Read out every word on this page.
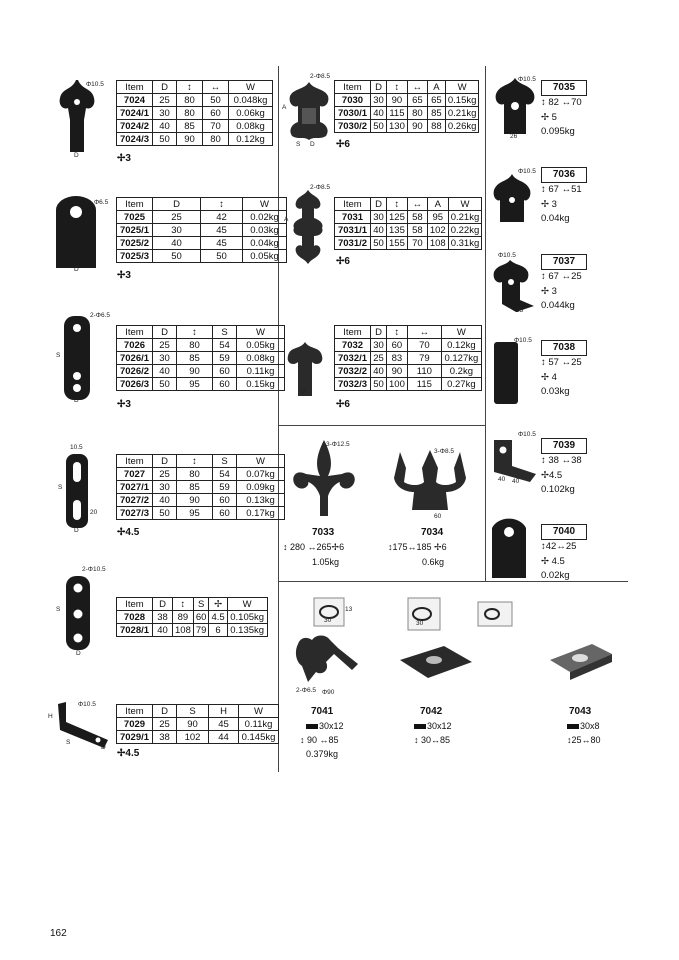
Φ10.5
D
Item	D	↕	↔	W
7024	25	80	50	0.048kg
7024/1	30	80	60	0.06kg
7024/2	40	85	70	0.08kg
7024/3	50	90	80	0.12kg
✢3
Φ6.5
D
Item	D	↕	W
7025	25	42	0.02kg
7025/1	30	45	0.03kg
7025/2	40	45	0.04kg
7025/3	50	50	0.05kg
✢3
2-Φ6.5
S
D
Item	D	↕	S	W
7026	25	80	54	0.05kg
7026/1	30	85	59	0.08kg
7026/2	40	90	60	0.11kg
7026/3	50	95	60	0.15kg
✢3
10.5
S
20
D
Item	D	↕	S	W
7027	25	80	54	0.07kg
7027/1	30	85	59	0.09kg
7027/2	40	90	60	0.13kg
7027/3	50	95	60	0.17kg
✢4.5
2-Φ10.5
S
D
Item	D	↕	S	✢	W
7028	38	89	60	4.5	0.105kg
7028/1	40	108	79	6	0.135kg
Φ10.5
H
S
D
Item	D	S	H	W
7029	25	90	45	0.11kg
7029/1	38	102	44	0.145kg
✢4.5
2-Φ8.5
A
S D
Item	D	↕	↔	A	W
7030	30	90	65	65	0.15kg
7030/1	40	115	80	85	0.21kg
7030/2	50	130	90	88	0.26kg
✢6
2-Φ8.5
A
Item	D	↕	↔	A	W
7031	30	125	58	95	0.21kg
7031/1	40	135	58	102	0.22kg
7031/2	50	155	70	108	0.31kg
✢6
D
Item	D	↕	↔	W
7032	30	60	70	0.12kg
7032/1	25	83	79	0.127kg
7032/2	40	90	110	0.2kg
7032/3	50	100	115	0.27kg
✢6
3-Φ12.5
7033
↕ 280 ↔265✢6
1.05kg
3-Φ8.5
60
7034
↕175↔185 ✢6
0.6kg
Φ10.5
26
7035
↕ 82 ↔70
✢ 5
0.095kg
Φ10.5	7036
↕ 67 ↔51
✢ 3
0.04kg
Φ10.5
25
7037
↕ 67 ↔25
✢ 3
0.044kg
Φ10.5
7038
↕ 57 ↔25
✢ 4
0.03kg
Φ10.5
40 40
7039
↕ 38 ↔38
✢4.5
0.102kg
7040
↕42↔25
✢ 4.5
0.02kg
30
13
2-Φ6.5 Φ90
7041
30x12
↕ 90 ↔85
0.379kg
30
7042
30x12
↕ 30↔85
7043
30x8
↕25↔80
162
